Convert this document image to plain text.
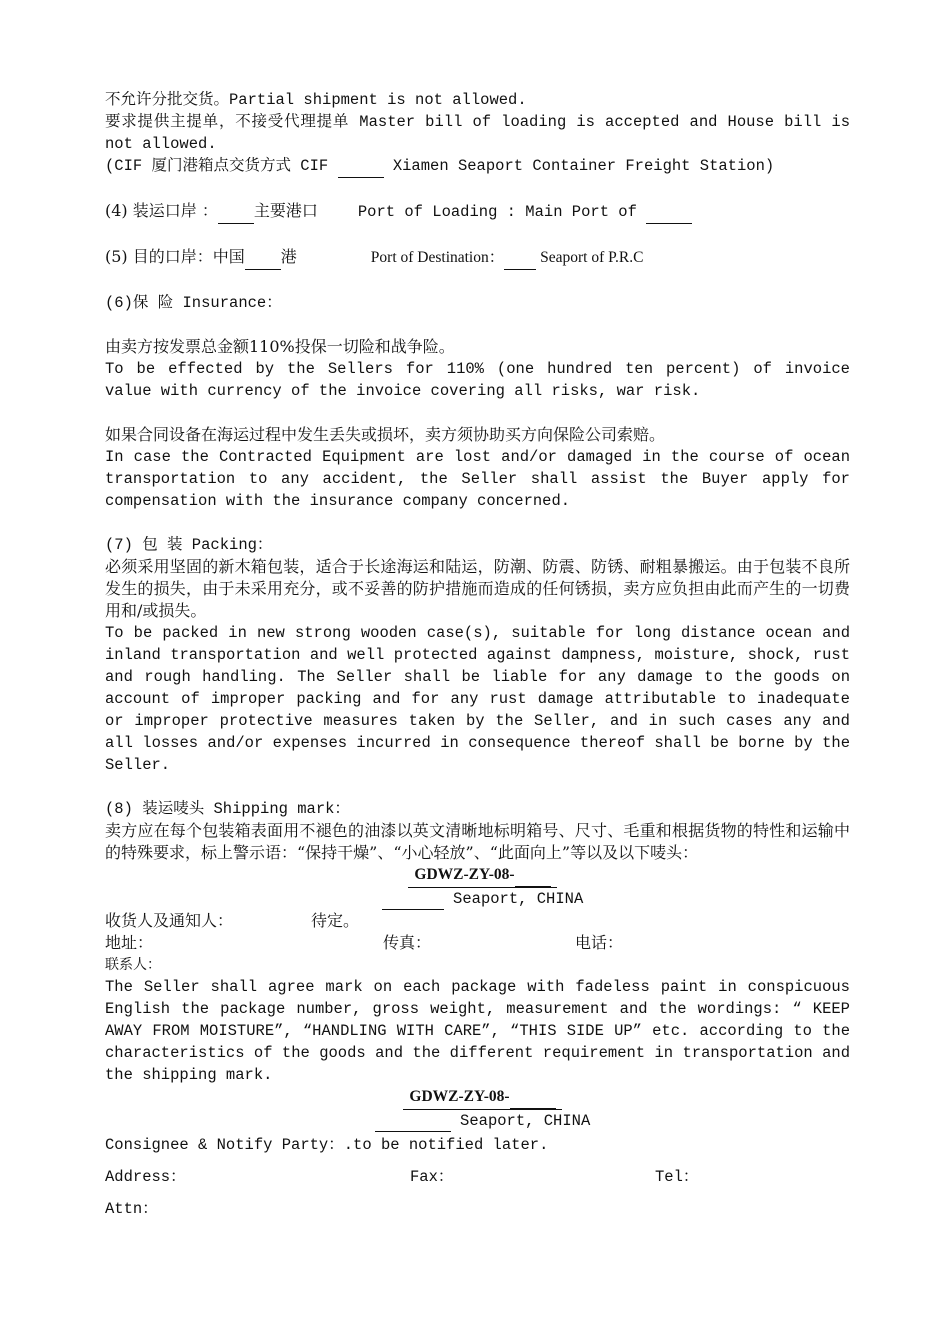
不允许分批交货。Partial shipment is not allowed.

要求提供主提单，不接受代理提单 Master bill of loading is accepted and House bill is not allowed.

(CIF 厦门港箱点交货方式 CIF	Xiamen Seaport Container Freight Station)

(4) 装运口岸 ： 主要港口	Port of Loading : Main Port of

(5) 目的口岸：中国 港	Port of Destination：  Seaport of P.R.C

(6)保 险 Insurance：

由卖方按发票总金额110%投保一切险和战争险。

To be effected by the Sellers for 110% (one hundred ten percent) of invoice value with currency of the invoice covering all risks, war risk.

如果合同设备在海运过程中发生丢失或损坏，卖方须协助买方向保险公司索赔。

In case the Contracted Equipment are lost and/or damaged in the course of ocean transportation to any accident, the Seller shall assist the Buyer apply for compensation with the insurance company concerned.

(7) 包 装 Packing：

必须采用坚固的新木箱包装，适合于长途海运和陆运，防潮、防震、防锈、耐粗暴搬运。由于包装不良所发生的损失，由于未采用充分，或不妥善的防护措施而造成的任何锈损，卖方应负担由此而产生的一切费用和/或损失。

To be packed in new strong wooden case(s), suitable for long distance ocean and inland transportation and well protected against dampness, moisture, shock, rust and rough handling. The Seller shall be liable for any damage to the goods on account of improper packing and for any rust damage attributable to inadequate or improper protective measures taken by the Seller, and in such cases any and all losses and/or expenses incurred in consequence thereof shall be borne by the Seller.

(8) 装运唛头 Shipping mark：

卖方应在每个包装箱表面用不褪色的油漆以英文清晰地标明箱号、尺寸、毛重和根据货物的特性和运输中的特殊要求，标上警示语：“保持干燥”、“小心轻放”、“此面向上”等以及以下唛头：

GDWZ-ZY-08-
Seaport, CHINA

收货人及通知人：	待定。

地址：	传真：	电话：

联系人：

The Seller shall agree mark on each package with fadeless paint in conspicuous English the package number, gross weight, measurement and the wordings: “ KEEP AWAY FROM MOISTURE”, “HANDLING WITH CARE”, “THIS SIDE UP” etc. according to the characteristics of the goods and the different requirement in transportation and the shipping mark.

GDWZ-ZY-08-
Seaport, CHINA

Consignee & Notify Party：.to be notified later.

Address：	Fax：	Tel：

Attn：
